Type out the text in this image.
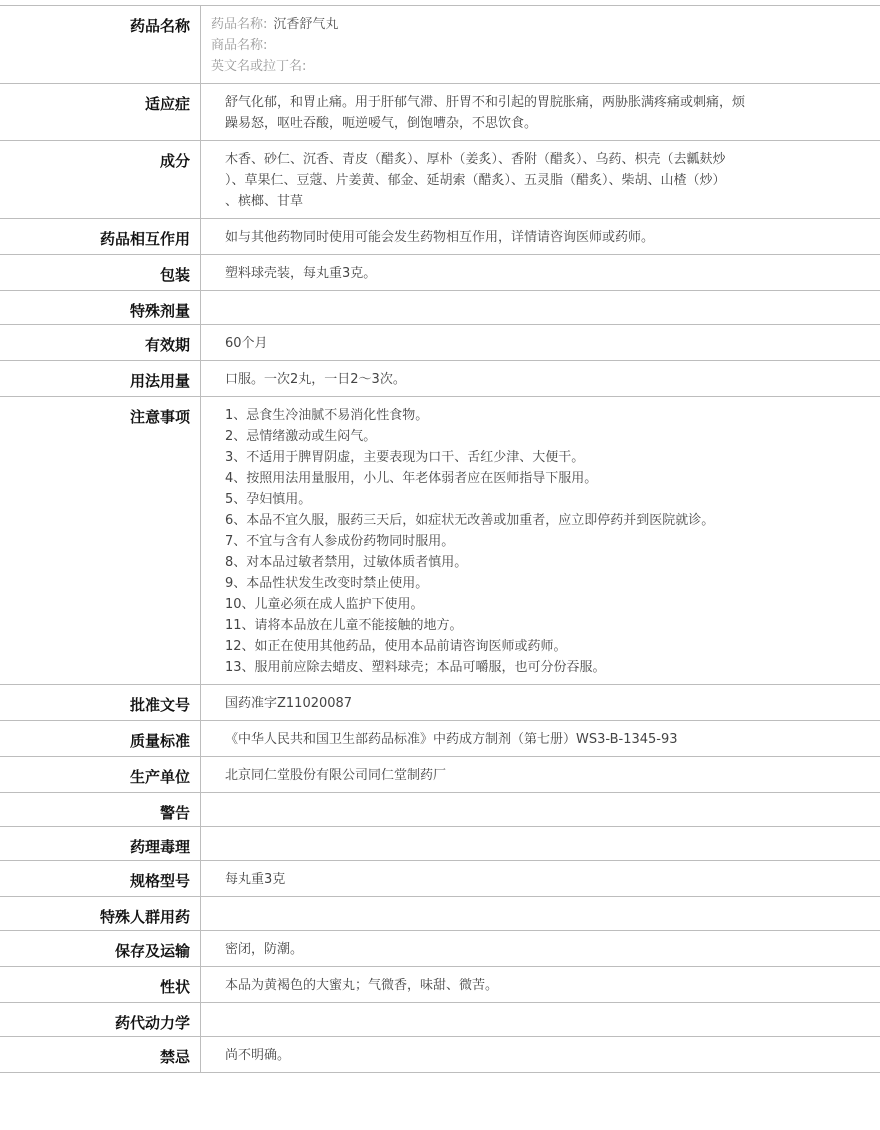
药品名称	药品名称: 沉香舒气丸
商品名称:
英文名或拉丁名:
适应症	舒气化郁，和胃止痛。用于肝郁气滞、肝胃不和引起的胃脘胀痛，两胁胀满疼痛或刺痛，烦
躁易怒，呕吐吞酸，呃逆嗳气，倒饱嘈杂，不思饮食。
成分	木香、砂仁、沉香、青皮（醋炙）、厚朴（姜炙）、香附（醋炙）、乌药、枳壳（去瓤麸炒
）、草果仁、豆蔻、片姜黄、郁金、延胡索（醋炙）、五灵脂（醋炙）、柴胡、山楂（炒）
、槟榔、甘草
药品相互作用	如与其他药物同时使用可能会发生药物相互作用，详情请咨询医师或药师。
包装	塑料球壳装，每丸重3克。
特殊剂量
有效期	60个月
用法用量	口服。一次2丸，一日2～3次。
注意事项	1、忌食生冷油腻不易消化性食物。
2、忌情绪激动或生闷气。
3、不适用于脾胃阴虚，主要表现为口干、舌红少津、大便干。
4、按照用法用量服用，小儿、年老体弱者应在医师指导下服用。
5、孕妇慎用。
6、本品不宜久服，服药三天后，如症状无改善或加重者，应立即停药并到医院就诊。
7、不宜与含有人参成份药物同时服用。
8、对本品过敏者禁用，过敏体质者慎用。
9、本品性状发生改变时禁止使用。
10、儿童必须在成人监护下使用。
11、请将本品放在儿童不能接触的地方。
12、如正在使用其他药品，使用本品前请咨询医师或药师。
13、服用前应除去蜡皮、塑料球壳；本品可嚼服，也可分份吞服。
批准文号	国药准字Z11020087
质量标准	《中华人民共和国卫生部药品标准》中药成方制剂（第七册）WS3-B-1345-93
生产单位	北京同仁堂股份有限公司同仁堂制药厂
警告
药理毒理
规格型号	每丸重3克
特殊人群用药
保存及运输	密闭，防潮。
性状	本品为黄褐色的大蜜丸；气微香，味甜、微苦。
药代动力学
禁忌	尚不明确。
